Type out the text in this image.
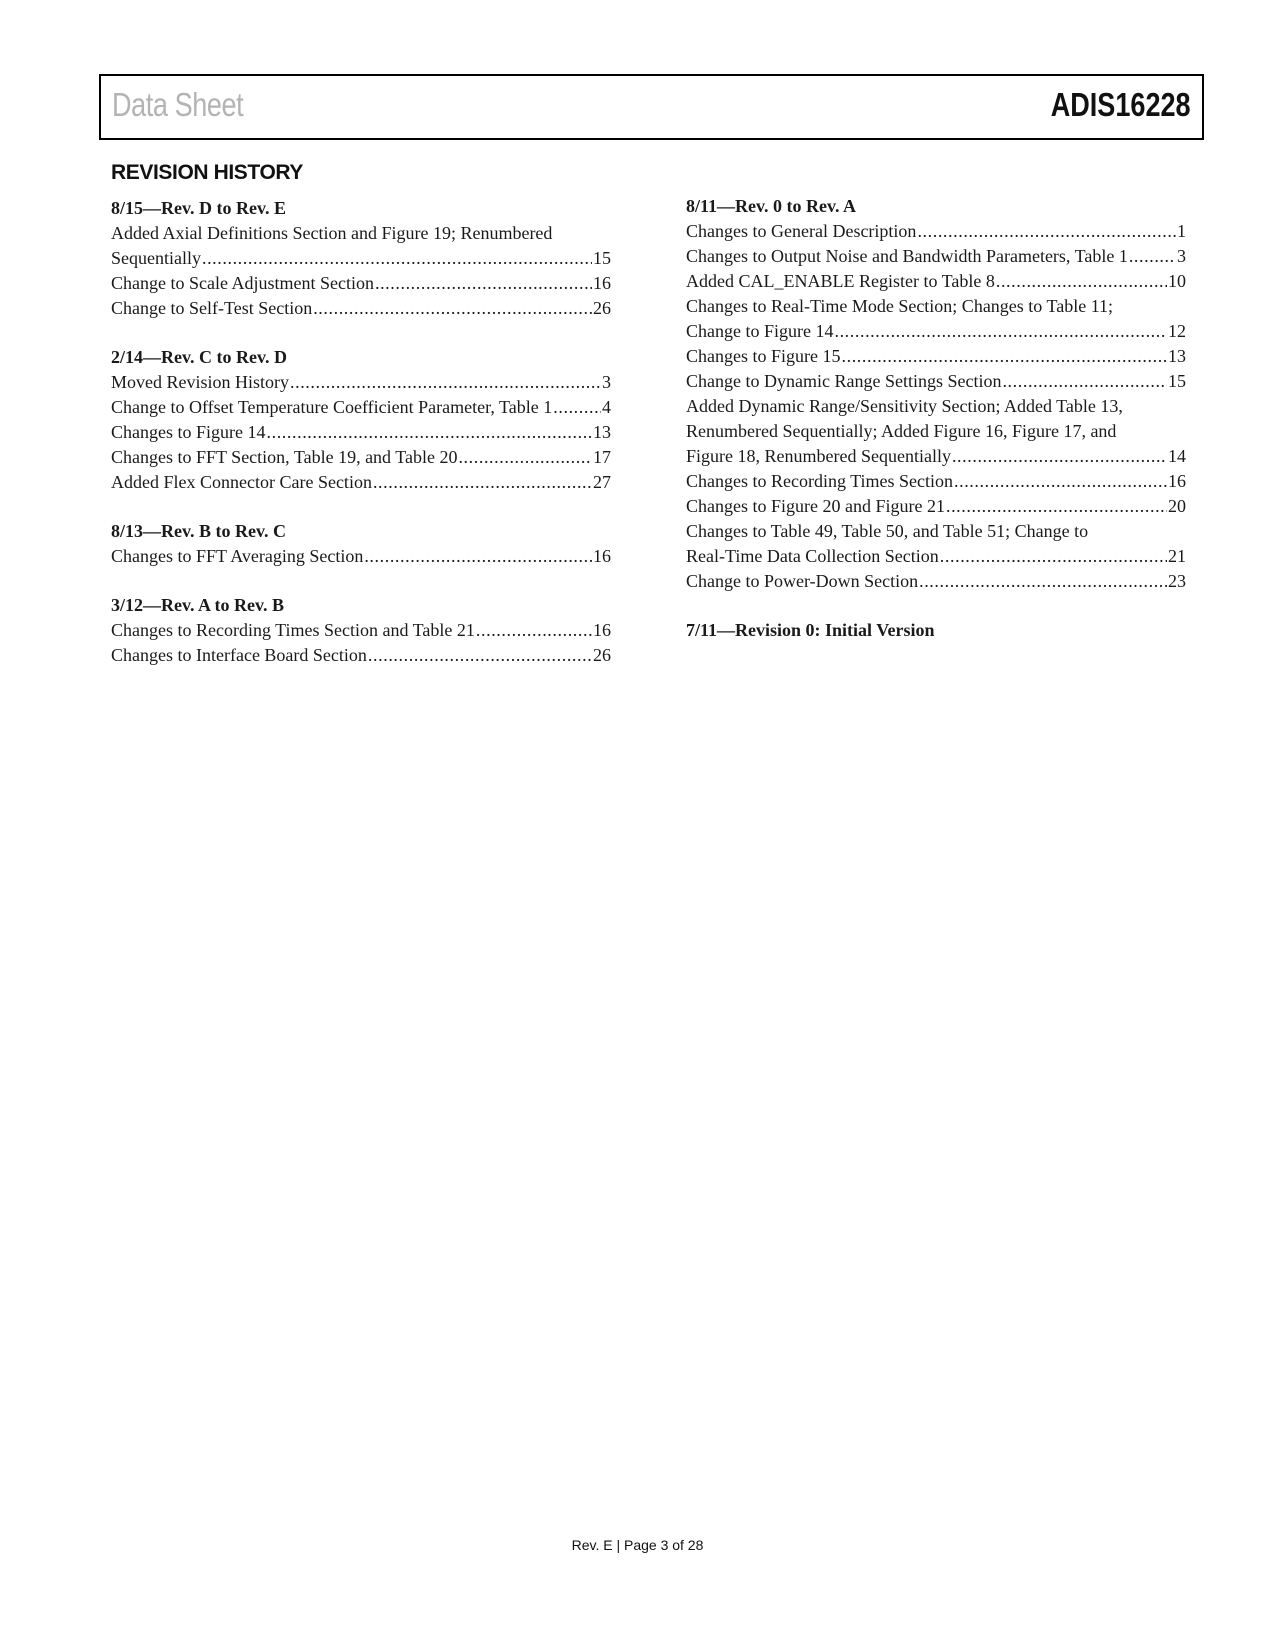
Data Sheet	ADIS16228
REVISION HISTORY
8/15—Rev. D to Rev. E
Added Axial Definitions Section and Figure 19; Renumbered
Sequentially .....	15
Change to Scale Adjustment Section .....	16
Change to Self-Test Section .....	26
2/14—Rev. C to Rev. D
Moved Revision History .....	3
Change to Offset Temperature Coefficient Parameter, Table 1 .....	4
Changes to Figure 14 .....	13
Changes to FFT Section, Table 19, and Table 20 .....	17
Added Flex Connector Care Section .....	27
8/13—Rev. B to Rev. C
Changes to FFT Averaging Section .....	16
3/12—Rev. A to Rev. B
Changes to Recording Times Section and Table 21 .....	16
Changes to Interface Board Section .....	26
8/11—Rev. 0 to Rev. A
Changes to General Description .....	1
Changes to Output Noise and Bandwidth Parameters, Table 1 .....	3
Added CAL_ENABLE Register to Table 8 .....	10
Changes to Real-Time Mode Section; Changes to Table 11;
Change to Figure 14 .....	12
Changes to Figure 15 .....	13
Change to Dynamic Range Settings Section .....	15
Added Dynamic Range/Sensitivity Section; Added Table 13,
Renumbered Sequentially; Added Figure 16, Figure 17, and
Figure 18, Renumbered Sequentially .....	14
Changes to Recording Times Section .....	16
Changes to Figure 20 and Figure 21 .....	20
Changes to Table 49, Table 50, and Table 51; Change to
Real-Time Data Collection Section .....	21
Change to Power-Down Section .....	23
7/11—Revision 0: Initial Version
Rev. E | Page 3 of 28
